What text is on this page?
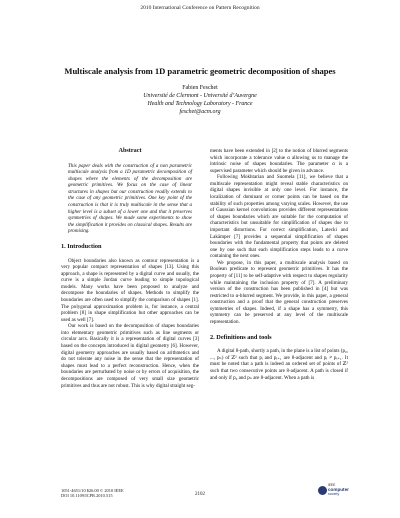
2010 International Conference on Pattern Recognition
Multiscale analysis from 1D parametric geometric decomposition of shapes
Fabien Feschet
Université de Clermont - Université d’Auvergne
Health and Technology Laboratory - France
feschet@acm.org
Abstract
This paper deals with the construction of a non parametric multiscale analysis from a 1D parametric decomposition of shapes where the elements of the decomposition are geometric primitives. We focus on the case of linear structures in shapes but our construction readily extends to the case of any geometric primitives. One key point of the construction is that it is truly multiscale in the sense that a higher level is a subset of a lower one and that it preserves symmetries of shapes. We made some experiments to show the simplification it provides on classical shapes. Results are promising.
1. Introduction

Object boundaries also known as contour representation is a very popular compact representation of shapes [13]. Using this approach, a shape is represented by a digital curve and usually, the curve is a simple Jordan curve leading to simple topological models. Many works have been proposed to analyze and decompose the boundaries of shapes. Methods to simplify the boundaries are often used to simplify the comparison of shapes [1]. The polygonal approximation problem is, for instance, a central problem [8] in shape simplification but other approaches can be used as well [7].

Our work is based on the decomposition of shapes boundaries into elementary geometric primitives such as line segments or circular arcs. Basically it is a representation of digital curves [3] based on the concepts introduced in digital geometry [6]. However, digital geometry approaches are usually based on arithmetics and do not tolerate any noise in the sense that the representation of shapes must lead to a perfect reconstruction. Hence, when the boundaries are perturbated by noise or by errors of acquisition, the decompositions are composed of very small size geometric primitives and thus are not robust. This is why digital straight seg-

ments have been extended in [2] to the notion of blurred segments which incorporate a tolerance value α allowing us to manage the intrinsic noise of shapes boundaries. The parameter α is a supervised parameter which should be given in advance.

Following Mokhtarian and Suomela [11], we believe that a multiscale representation might reveal stable characteristics on digital shapes invisible at only one level. For instance, the localization of dominant or corner points can be based on the stability of such properties among varying scales. However, the use of Gaussian kernel convolutions provides different representations of shapes boundaries which are suitable for the computation of characteristics but unsuitable for simplification of shapes due to important distortions. For correct simplification, Latecki and Lakämper [7] provides a sequential simplification of shapes boundaries with the fundamental property that points are deleted one by one such that each simplification steps leads to a curve containing the next ones.

We propose, in this paper, a multiscale analysis based on Boolean predicate to represent geometric primitives. It has the property of [11] to be self-adaptive with respect to shapes regularity while maintaining the inclusion property of [7]. A preliminary version of the construction has been published in [4] but was restricted to α-blurred segment. We provide, in this paper, a general construction and a proof that the general construction preserves symmetries of shapes. Indeed, if a shape has a symmetry, this symmetry can be preserved at any level of the multiscale representation.

2. Definitions and tools

A digital 8-path, shortly a path, in the plane is a list of points (p₀, ..., pₙ) of ℤ² such that pᵢ and pᵢ₊₁ are 8-adjacent and pᵢ ≠ pᵢ₊₁. It must be noted that a path is indeed an ordered set of points of ℤ² such that two consecutive points are 8-adjacent. A path is closed if and only if p₀ and pₙ are 8-adjacent. When a path is

1051-4651/10 $26.00 © 2010 IEEE
DOI 10.1109/ICPR.2010.515	2102
IEEE
computer
society
